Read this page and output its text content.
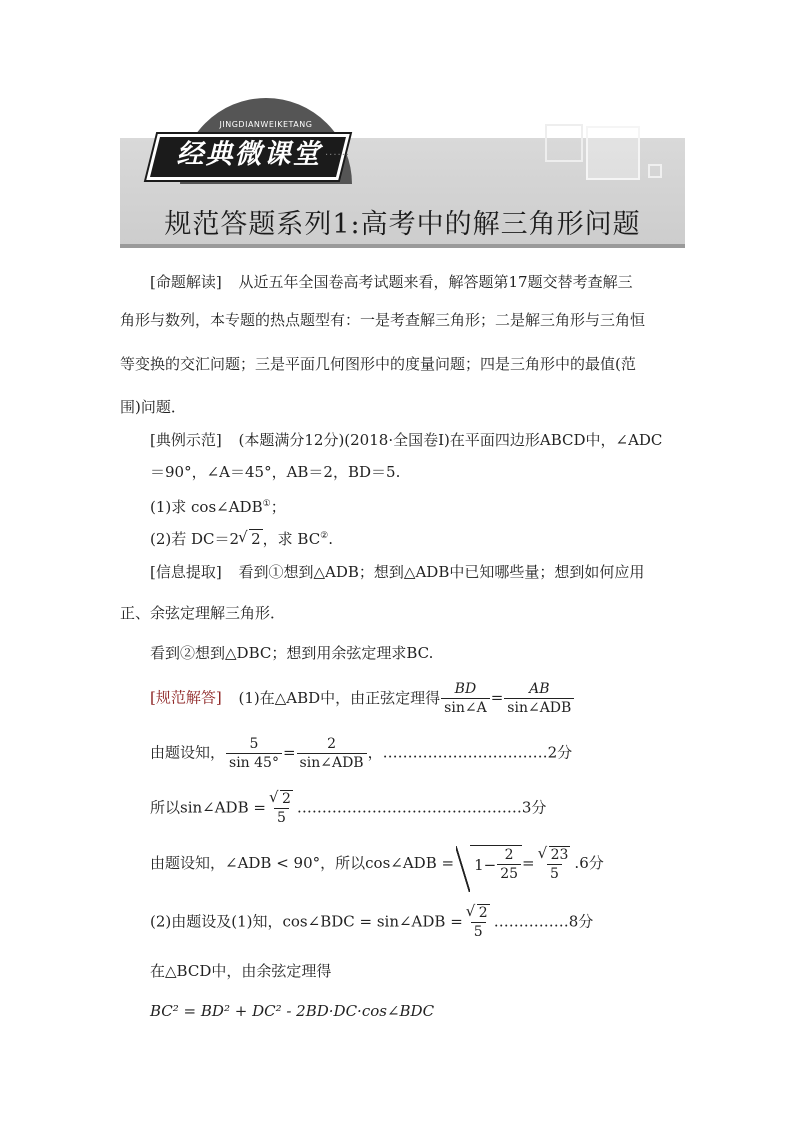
JINGDIANWEIKETANG
经典微课堂 ······
规范答题系列1:高考中的解三角形问题
[命题解读] 从近五年全国卷高考试题来看，解答题第17题交替考查解三
角形与数列，本专题的热点题型有：一是考查解三角形；二是解三角形与三角恒
等变换的交汇问题；三是平面几何图形中的度量问题；四是三角形中的最值(范
围)问题．
[典例示范] (本题满分12分)(2018·全国卷Ⅰ)在平面四边形ABCD中，∠ADC
＝90°，∠A＝45°，AB＝2，BD＝5.
(1)求 cos∠ADB①；
(2)若 DC＝2 √ 2 ，求 BC②.
[信息提取] 看到①想到△ADB；想到△ADB中已知哪些量；想到如何应用
正、余弦定理解三角形．
看到②想到△DBC；想到用余弦定理求BC.
[规范解答] (1)在△ABD中，由正弦定理得 $\frac{BD}{\sin\angle A} = \frac{AB}{\text{sin∠ADB}}$
由题设知， $\frac{5}{\sin 45^\circ} = \frac{2}{\text{sin∠ADB}}$ ，……………………………2分
所以sin∠ADB = √ $\frac{2}{5}$ ………………………………………3分
由题设知，∠ADB < 90°，所以cos∠ADB = $1- \frac{2}{25}$ = √ $\frac{23}{5} .6$分
(2)由题设及(1)知，cos∠BDC = sin∠ADB = √ $\frac{2}{5}$ ……………8分
在△BCD中，由余弦定理得
BC² = BD² + DC² - 2BD·DC·cos∠BDC
